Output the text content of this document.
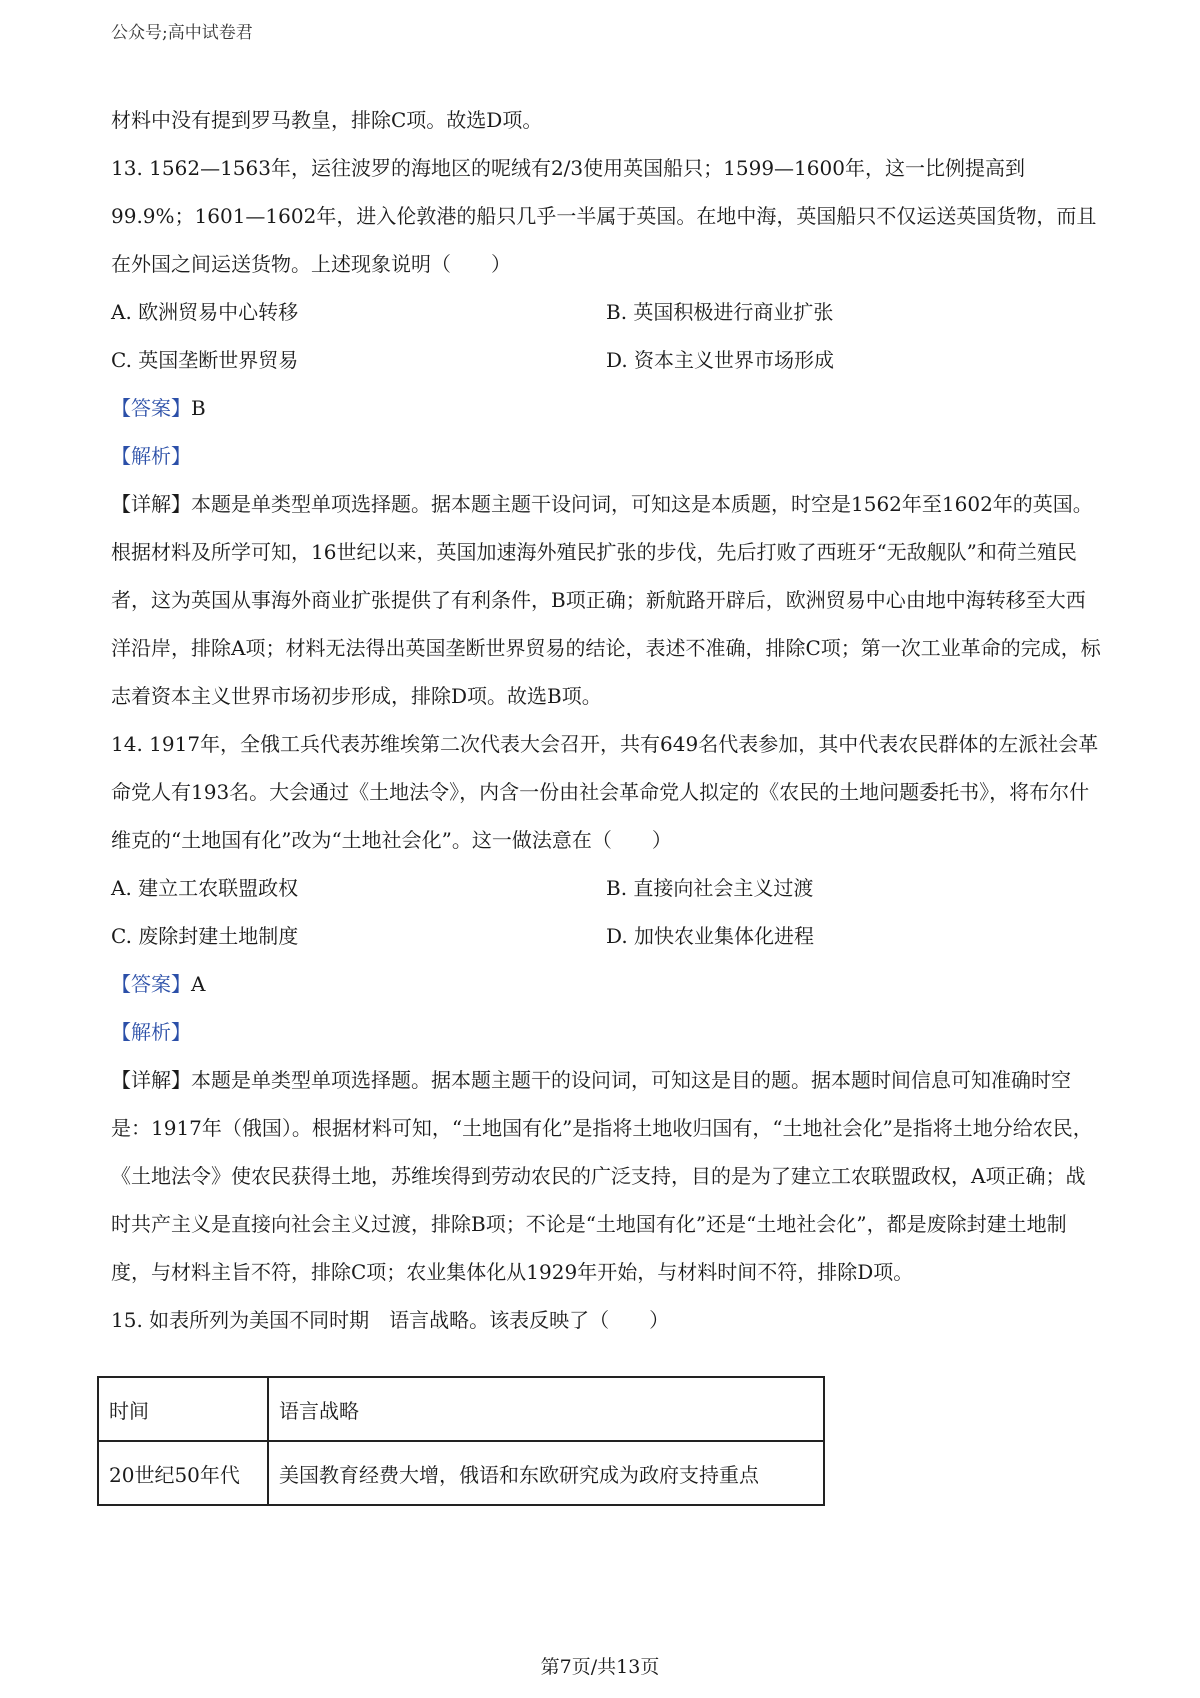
公众号;高中试卷君

材料中没有提到罗马教皇，排除C项。故选D项。

13. 1562—1563年，运往波罗的海地区的呢绒有2/3使用英国船只；1599—1600年，这一比例提高到99.9%；1601—1602年，进入伦敦港的船只几乎一半属于英国。在地中海，英国船只不仅运送英国货物，而且在外国之间运送货物。上述现象说明（　　）

A. 欧洲贸易中心转移	B. 英国积极进行商业扩张
C. 英国垄断世界贸易	D. 资本主义世界市场形成

【答案】B

【解析】

【详解】本题是单类型单项选择题。据本题主题干设问词，可知这是本质题，时空是1562年至1602年的英国。根据材料及所学可知，16世纪以来，英国加速海外殖民扩张的步伐，先后打败了西班牙“无敌舰队”和荷兰殖民者，这为英国从事海外商业扩张提供了有利条件，B项正确；新航路开辟后，欧洲贸易中心由地中海转移至大西洋沿岸，排除A项；材料无法得出英国垄断世界贸易的结论，表述不准确，排除C项；第一次工业革命的完成，标志着资本主义世界市场初步形成，排除D项。故选B项。

14. 1917年，全俄工兵代表苏维埃第二次代表大会召开，共有649名代表参加，其中代表农民群体的左派社会革命党人有193名。大会通过《土地法令》，内含一份由社会革命党人拟定的《农民的土地问题委托书》，将布尔什维克的“土地国有化”改为“土地社会化”。这一做法意在（　　）

A. 建立工农联盟政权	B. 直接向社会主义过渡
C. 废除封建土地制度	D. 加快农业集体化进程

【答案】A

【解析】

【详解】本题是单类型单项选择题。据本题主题干的设问词，可知这是目的题。据本题时间信息可知准确时空是：1917年（俄国）。根据材料可知，“土地国有化”是指将土地收归国有，“土地社会化”是指将土地分给农民，《土地法令》使农民获得土地，苏维埃得到劳动农民的广泛支持，目的是为了建立工农联盟政权，A项正确；战时共产主义是直接向社会主义过渡，排除B项；不论是“土地国有化”还是“土地社会化”，都是废除封建土地制度，与材料主旨不符，排除C项；农业集体化从1929年开始，与材料时间不符，排除D项。

15. 如表所列为美国不同时期　语言战略。该表反映了（　　）

时间	语言战略
20世纪50年代	美国教育经费大增，俄语和东欧研究成为政府支持重点
第7页/共13页
